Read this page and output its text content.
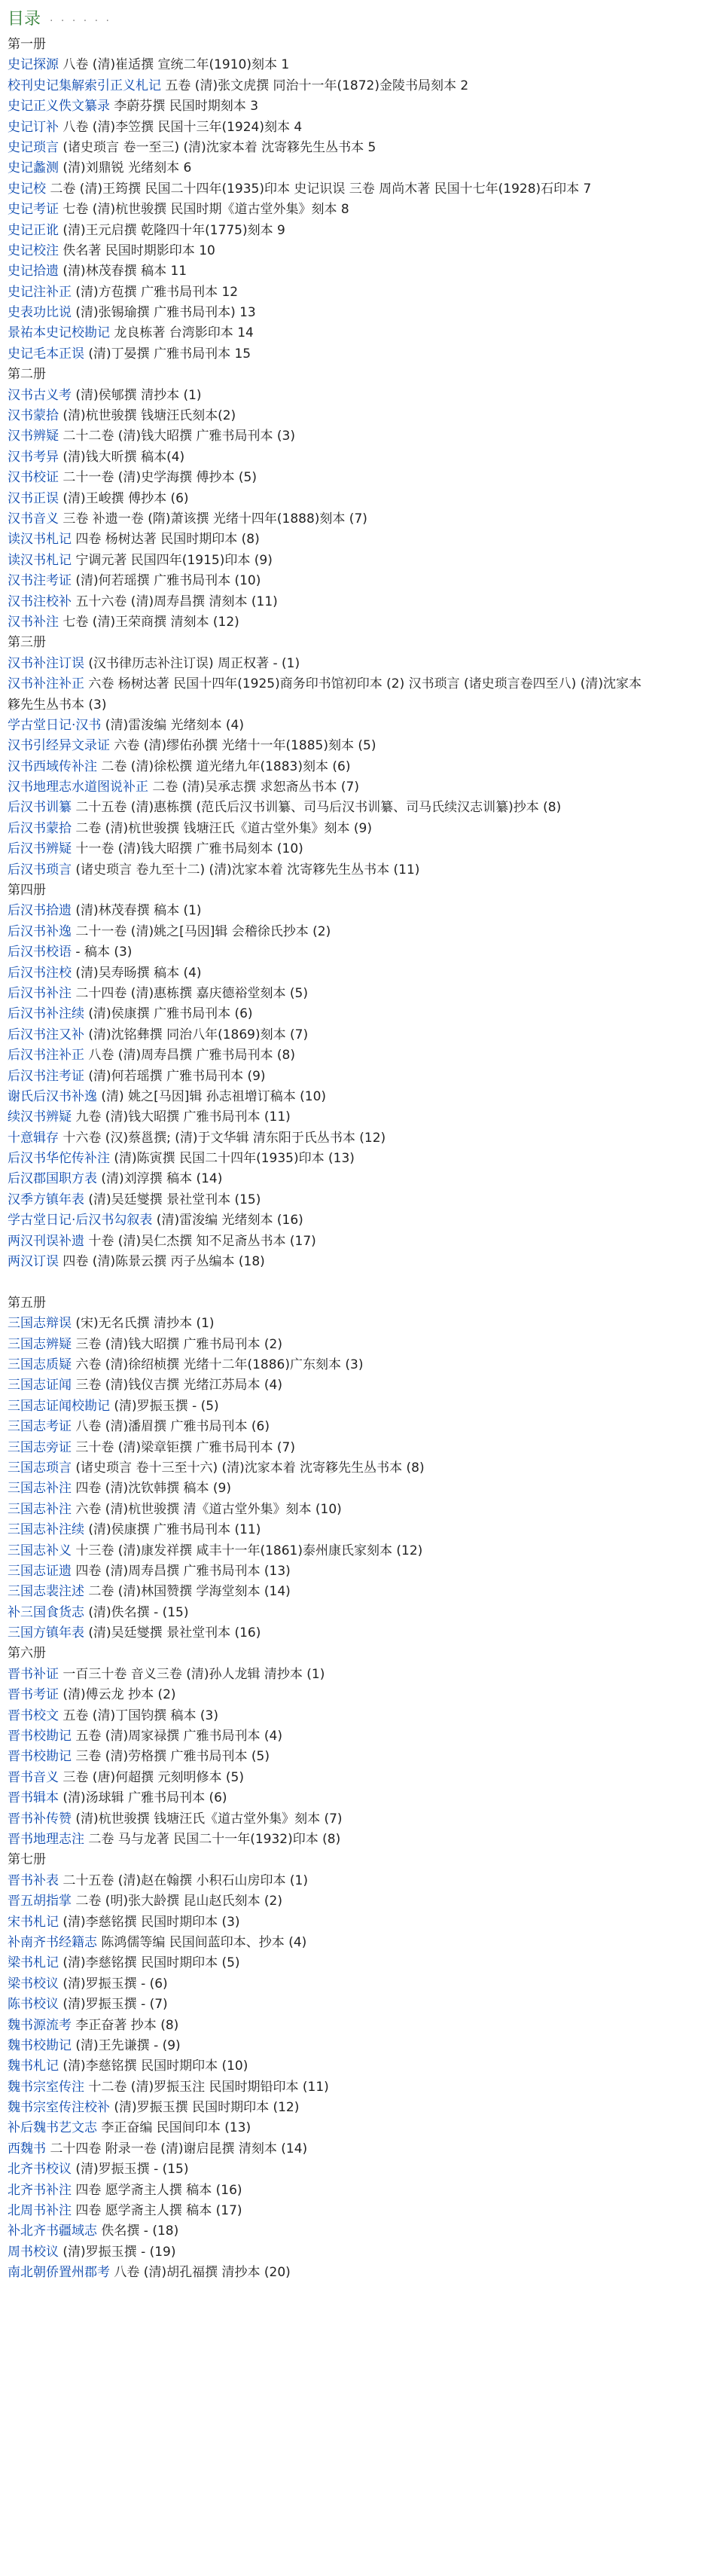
目录 · · · · · ·
第一册
史记探源 八卷 (清)崔适撰 宣统二年(1910)刻本 1
校刊史记集解索引正义札记 五卷 (清)张文虎撰 同治十一年(1872)金陵书局刻本 2
史记正义佚文纂录 李蔚芬撰 民国时期刻本 3
史记订补 八卷 (清)李笠撰 民国十三年(1924)刻本 4
史记琐言 (诸史琐言 卷一至三) (清)沈家本着 沈寄簃先生丛书本 5
史记蠡测 (清)刘鼎锐 光绪刻本 6
史记校 二卷 (清)王筠撰 民国二十四年(1935)印本 史记识误 三卷 周尚木著 民国十七年(1928)石印本 7
史记考证 七卷 (清)杭世骏撰 民国时期《道古堂外集》刻本 8
史记正讹 (清)王元启撰 乾隆四十年(1775)刻本 9
史记校注 佚名著 民国时期影印本 10
史记拾遗 (清)林茂春撰 稿本 11
史记注补正 (清)方苞撰 广雅书局刊本 12
史表功比说 (清)张锡瑜撰 广雅书局刊本) 13
景祐本史记校勘记 龙良栋著 台湾影印本 14
史记毛本正误 (清)丁晏撰 广雅书局刊本 15
第二册
汉书古义考 (清)侯郇撰 清抄本 (1)
汉书蒙拾 (清)杭世骏撰 钱塘汪氏刻本(2)
汉书辨疑 二十二卷 (清)钱大昭撰 广雅书局刊本 (3)
汉书考异 (清)钱大昕撰 稿本(4)
汉书校证 二十一卷 (清)史学海撰 傅抄本 (5)
汉书正误 (清)王峻撰 傅抄本 (6)
汉书音义 三卷 补遗一卷 (隋)萧该撰 光绪十四年(1888)刻本 (7)
读汉书札记 四卷 杨树达著 民国时期印本 (8)
读汉书札记 宁调元著 民国四年(1915)印本 (9)
汉书注考证 (清)何若瑶撰 广雅书局刊本 (10)
汉书注校补 五十六卷 (清)周寿昌撰 清刻本 (11)
汉书补注 七卷 (清)王荣商撰 清刻本 (12)
第三册
汉书补注订误 (汉书律历志补注订误) 周正权著 - (1)
汉书补注补正 六卷 杨树达著 民国十四年(1925)商务印书馆初印本 (2) 汉书琐言 (诸史琐言卷四至八) (清)沈家本
簃先生丛书本 (3)
学古堂日记·汉书 (清)雷浚编 光绪刻本 (4)
汉书引经异文录证 六卷 (清)缪佑孙撰 光绪十一年(1885)刻本 (5)
汉书西域传补注 二卷 (清)徐松撰 道光绪九年(1883)刻本 (6)
汉书地理志水道图说补正 二卷 (清)吴承志撰 求恕斋丛书本 (7)
后汉书训纂 二十五卷 (清)惠栋撰 (范氏后汉书训纂、司马后汉书训纂、司马氏续汉志训纂)抄本 (8)
后汉书蒙拾 二卷 (清)杭世骏撰 钱塘汪氏《道古堂外集》刻本 (9)
后汉书辨疑 十一卷 (清)钱大昭撰 广雅书局刻本 (10)
后汉书琐言 (诸史琐言 卷九至十二) (清)沈家本着 沈寄簃先生丛书本 (11)
第四册
后汉书拾遗 (清)林茂春撰 稿本 (1)
后汉书补逸 二十一卷 (清)姚之[马因]辑 会稽徐氏抄本 (2)
后汉书校语 - 稿本 (3)
后汉书注校 (清)吴寿旸撰 稿本 (4)
后汉书补注 二十四卷 (清)惠栋撰 嘉庆德裕堂刻本 (5)
后汉书补注续 (清)侯康撰 广雅书局刊本 (6)
后汉书注又补 (清)沈铭彝撰 同治八年(1869)刻本 (7)
后汉书注补正 八卷 (清)周寿昌撰 广雅书局刊本 (8)
后汉书注考证 (清)何若瑶撰 广雅书局刊本 (9)
谢氏后汉书补逸 (清) 姚之[马因]辑 孙志祖增订稿本 (10)
续汉书辨疑 九卷 (清)钱大昭撰 广雅书局刊本 (11)
十意辑存 十六卷 (汉)蔡邕撰; (清)于文华辑 清东阳于氏丛书本 (12)
后汉书华佗传补注 (清)陈寅撰 民国二十四年(1935)印本 (13)
后汉郡国职方表 (清)刘淳撰 稿本 (14)
汉季方镇年表 (清)吴廷燮撰 景社堂刊本 (15)
学古堂日记·后汉书勾叙表 (清)雷浚编 光绪刻本 (16)
两汉刊误补遗 十卷 (清)吴仁杰撰 知不足斋丛书本 (17)
两汉订误 四卷 (清)陈景云撰 丙子丛编本 (18)
第五册
三国志辩误 (宋)无名氏撰 清抄本 (1)
三国志辨疑 三卷 (清)钱大昭撰 广雅书局刊本 (2)
三国志质疑 六卷 (清)徐绍桢撰 光绪十二年(1886)广东刻本 (3)
三国志证闻 三卷 (清)钱仪吉撰 光绪江苏局本 (4)
三国志证闻校勘记 (清)罗振玉撰 - (5)
三国志考证 八卷 (清)潘眉撰 广雅书局刊本 (6)
三国志旁证 三十卷 (清)梁章钜撰 广雅书局刊本 (7)
三国志琐言 (诸史琐言 卷十三至十六) (清)沈家本着 沈寄簃先生丛书本 (8)
三国志补注 四卷 (清)沈钦韩撰 稿本 (9)
三国志补注 六卷 (清)杭世骏撰 清《道古堂外集》刻本 (10)
三国志补注续 (清)侯康撰 广雅书局刊本 (11)
三国志补义 十三卷 (清)康发祥撰 咸丰十一年(1861)泰州康氏家刻本 (12)
三国志证遗 四卷 (清)周寿昌撰 广雅书局刊本 (13)
三国志裴注述 二卷 (清)林国赞撰 学海堂刻本 (14)
补三国食货志 (清)佚名撰 - (15)
三国方镇年表 (清)吴廷燮撰 景社堂刊本 (16)
第六册
晋书补证 一百三十卷 音义三卷 (清)孙人龙辑 清抄本 (1)
晋书考证 (清)傅云龙 抄本 (2)
晋书校文 五卷 (清)丁国钧撰 稿本 (3)
晋书校勘记 五卷 (清)周家禄撰 广雅书局刊本 (4)
晋书校勘记 三卷 (清)劳格撰 广雅书局刊本 (5)
晋书音义 三卷 (唐)何超撰 元刻明修本 (5)
晋书辑本 (清)汤球辑 广雅书局刊本 (6)
晋书补传赞 (清)杭世骏撰 钱塘汪氏《道古堂外集》刻本 (7)
晋书地理志注 二卷 马与龙著 民国二十一年(1932)印本 (8)
第七册
晋书补表 二十五卷 (清)赵在翰撰 小积石山房印本 (1)
晋五胡指掌 二卷 (明)张大龄撰 昆山赵氏刻本 (2)
宋书札记 (清)李慈铭撰 民国时期印本 (3)
补南齐书经籍志 陈鸿儒等编 民国间蓝印本、抄本 (4)
梁书札记 (清)李慈铭撰 民国时期印本 (5)
梁书校议 (清)罗振玉撰 - (6)
陈书校议 (清)罗振玉撰 - (7)
魏书源流考 李正奋著 抄本 (8)
魏书校勘记 (清)王先谦撰 - (9)
魏书札记 (清)李慈铭撰 民国时期印本 (10)
魏书宗室传注 十二卷 (清)罗振玉注 民国时期铅印本 (11)
魏书宗室传注校补 (清)罗振玉撰 民国时期印本 (12)
补后魏书艺文志 李正奋编 民国间印本 (13)
西魏书 二十四卷 附录一卷 (清)谢启昆撰 清刻本 (14)
北齐书校议 (清)罗振玉撰 - (15)
北齐书补注 四卷 愿学斋主人撰 稿本 (16)
北周书补注 四卷 愿学斋主人撰 稿本 (17)
补北齐书疆域志 佚名撰 - (18)
周书校议 (清)罗振玉撰 - (19)
南北朝侨置州郡考 八卷 (清)胡孔福撰 清抄本 (20)
